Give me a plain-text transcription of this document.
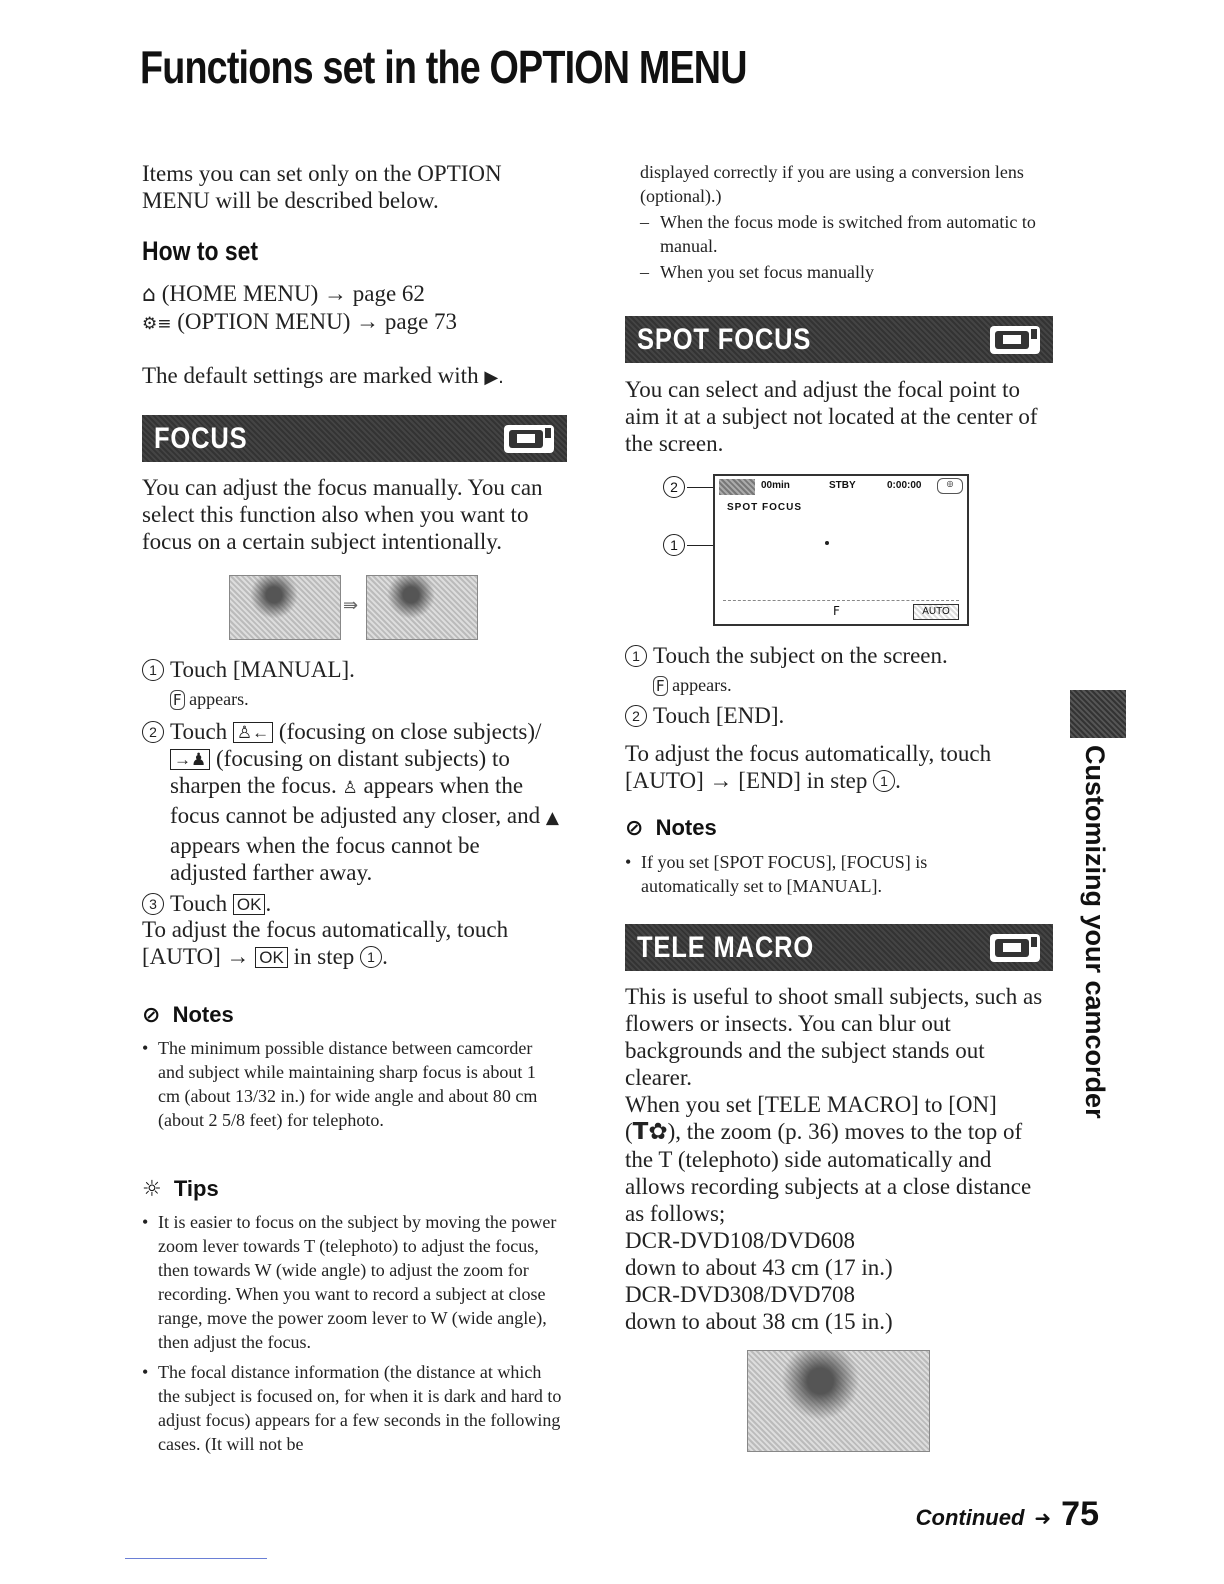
Functions set in the OPTION MENU
Items you can set only on the OPTION MENU will be described below.
How to set
⌂ (HOME MENU) → page 62
⚙≡ (OPTION MENU) → page 73
The default settings are marked with ▶.
FOCUS
You can adjust the focus manually. You can select this function also when you want to focus on a certain subject intentionally.
⇛
1 Touch [MANUAL].
F appears.
2 Touch ♙← (focusing on close subjects)/ →♟ (focusing on distant subjects) to sharpen the focus. ♙ appears when the focus cannot be adjusted any closer, and ▲ appears when the focus cannot be adjusted farther away.
3 Touch OK .
To adjust the focus automatically, touch [AUTO] → OK in step 1 .
⊘ Notes
• The minimum possible distance between camcorder and subject while maintaining sharp focus is about 1 cm (about 13/32 in.) for wide angle and about 80 cm (about 2 5/8 feet) for telephoto.
☼ Tips
• It is easier to focus on the subject by moving the power zoom lever towards T (telephoto) to adjust the focus, then towards W (wide angle) to adjust the zoom for recording. When you want to record a subject at close range, move the power zoom lever to W (wide angle), then adjust the focus.
• The focal distance information (the distance at which the subject is focused on, for when it is dark and hard to adjust focus) appears for a few seconds in the following cases. (It will not be
displayed correctly if you are using a conversion lens (optional).)
– When the focus mode is switched from automatic to manual.
– When you set focus manually
SPOT FOCUS
You can select and adjust the focal point to aim it at a subject not located at the center of the screen.
2
1
00min	STBY	0:00:00	◎
SPOT FOCUS
F	AUTO
1 Touch the subject on the screen.
F appears.
2 Touch [END].
To adjust the focus automatically, touch [AUTO] → [END] in step 1 .
⊘ Notes
• If you set [SPOT FOCUS], [FOCUS] is automatically set to [MANUAL].
TELE MACRO
This is useful to shoot small subjects, such as flowers or insects. You can blur out backgrounds and the subject stands out clearer.
When you set [TELE MACRO] to [ON] (T✿), the zoom (p. 36) moves to the top of the T (telephoto) side automatically and allows recording subjects at a close distance as follows;
DCR-DVD108/DVD608
down to about 43 cm (17 in.)
DCR-DVD308/DVD708
down to about 38 cm (15 in.)
Customizing your camcorder
Continued ➜ 75
